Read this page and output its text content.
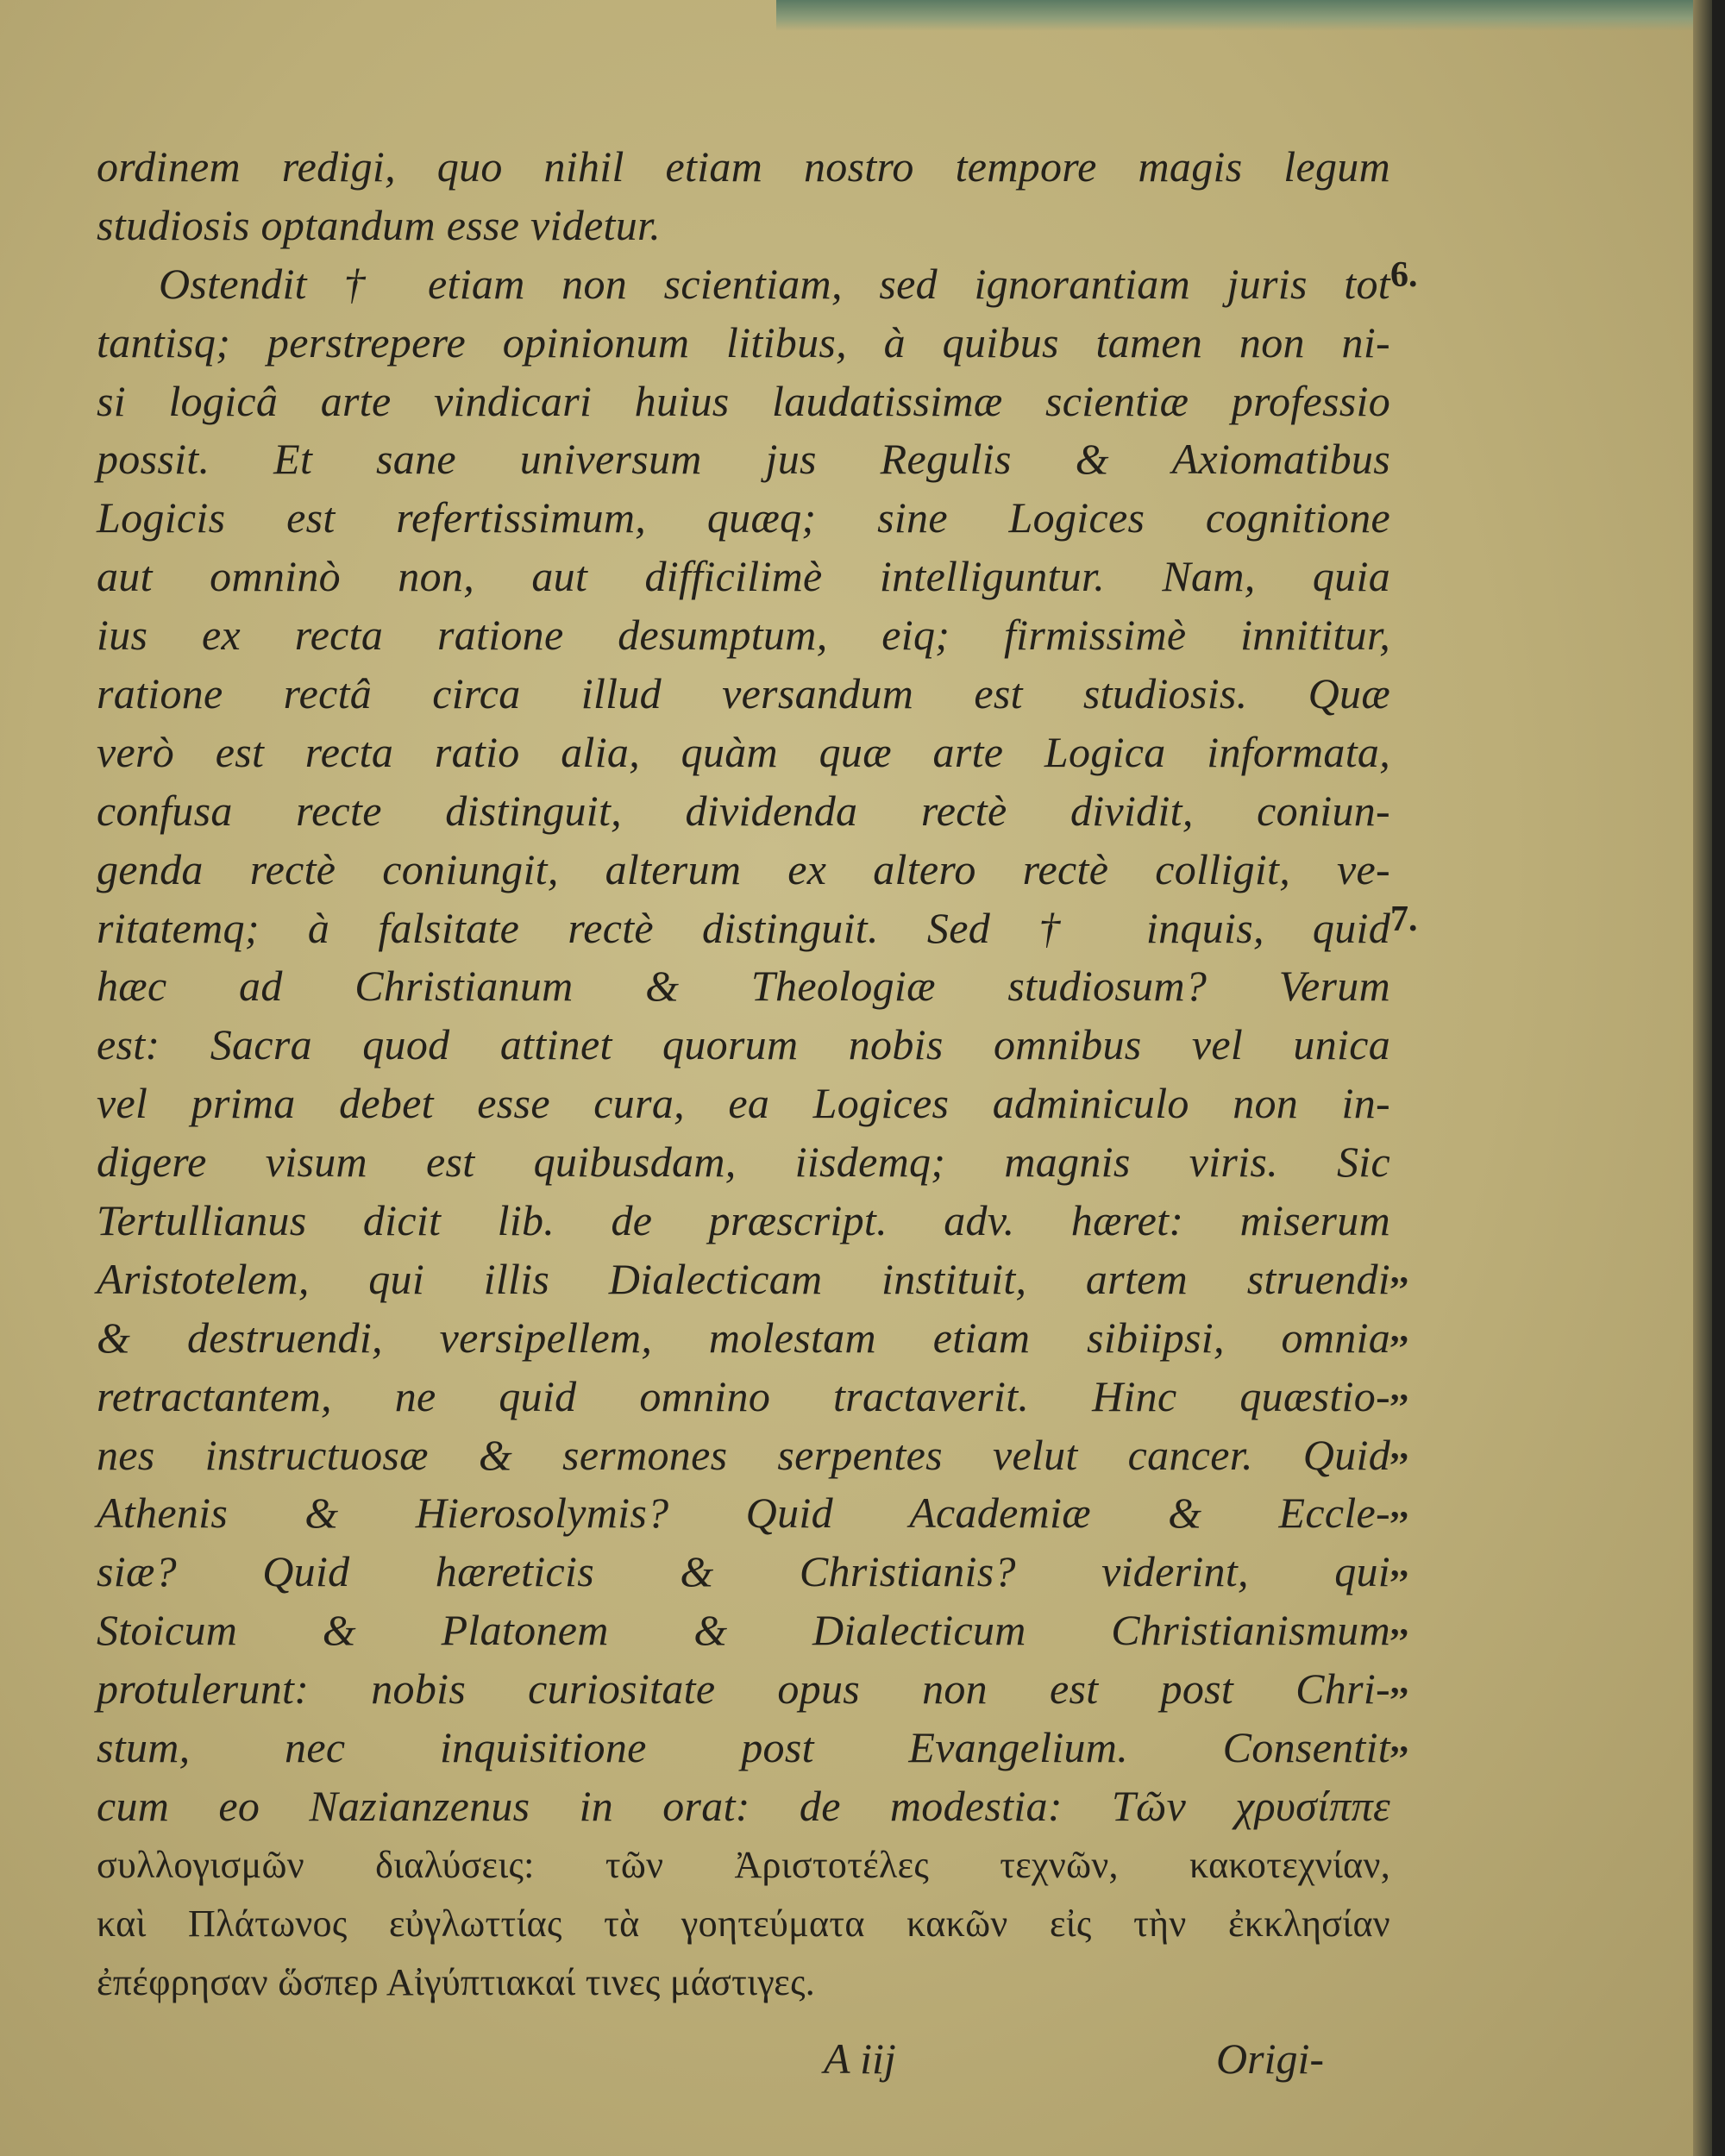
ordinem redigi, quo nihil etiam nostro tempore magis legum
studiosis optandum esse videtur.
Ostendit † etiam non scientiam, sed ignorantiam juris tot
tantisq; perstrepere opinionum litibus, à quibus tamen non ni-
si logicâ arte vindicari huius laudatissimæ scientiæ professio
possit. Et sane universum jus Regulis & Axiomatibus
Logicis est refertissimum, quæq; sine Logices cognitione
aut omninò non, aut difficilimè intelliguntur. Nam, quia
ius ex recta ratione desumptum, eiq; firmissimè innititur,
ratione rectâ circa illud versandum est studiosis. Quæ
verò est recta ratio alia, quàm quæ arte Logica informata,
confusa recte distinguit, dividenda rectè dividit, coniun-
genda rectè coniungit, alterum ex altero rectè colligit, ve-
ritatemq; à falsitate rectè distinguit. Sed † inquis, quid
hæc ad Christianum & Theologiæ studiosum? Verum
est: Sacra quod attinet quorum nobis omnibus vel unica
vel prima debet esse cura, ea Logices adminiculo non in-
digere visum est quibusdam, iisdemq; magnis viris. Sic
Tertullianus dicit lib. de præscript. adv. hæret: miserum
Aristotelem, qui illis Dialecticam instituit, artem struendi
& destruendi, versipellem, molestam etiam sibiipsi, omnia
retractantem, ne quid omnino tractaverit. Hinc quæstio-
nes instructuosæ & sermones serpentes velut cancer. Quid
Athenis & Hierosolymis? Quid Academiæ & Eccle-
siæ? Quid hæreticis & Christianis? viderint, qui
Stoicum & Platonem & Dialecticum Christianismum
protulerunt: nobis curiositate opus non est post Chri-
stum, nec inquisitione post Evangelium. Consentit
cum eo Nazianzenus in orat: de modestia: Τῶν χρυσίππε
συλλογισμῶν διαλύσεις: τῶν Ἀριστοτέλες τεχνῶν, κακοτεχνίαν,
καὶ Πλάτωνος εὐγλωττίας τὰ γοητεύματα κακῶν εἰς τὴν ἐκκλησίαν
ἐπέφρησαν ὥσπερ Αἰγύπτιακαί τινες μάστιγες.
6.
7.
,,
,,
,,
,,
,,
,,
,,
,,
,,
A iij	Origi-
